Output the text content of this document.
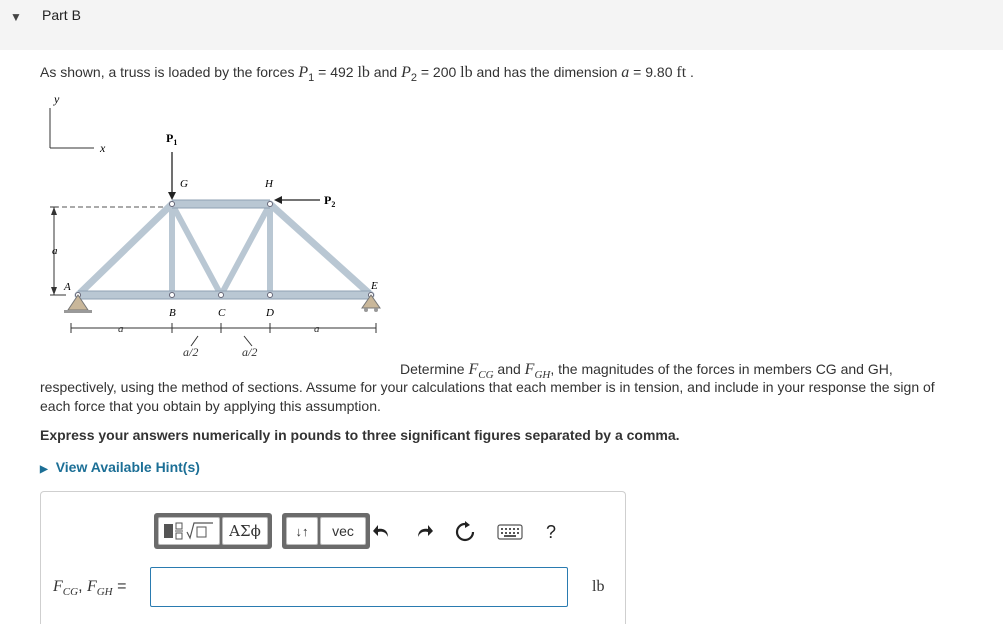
▼ Part B
As shown, a truss is loaded by the forces $P_1 = 492$ lb and $P_2 = 200$ lb and has the dimension a = 9.80 ft .
y
x
a
$P_1$
$P_2$
G	H
A
B	C	D
E
a	a
a/2	a/2
Determine $F_{CG}$ and $F_{GH}$, the magnitudes of the forces in members CG and GH,
respectively, using the method of sections. Assume for your calculations that each member is in tension, and include in your response the sign of
each force that you obtain by applying this assumption.
Express your answers numerically in pounds to three significant figures separated by a comma.
▶ View Available Hint(s)
ΑΣϕ	↓↑	vec	?
$F_{CG}$, $F_{GH}$ =	lb
